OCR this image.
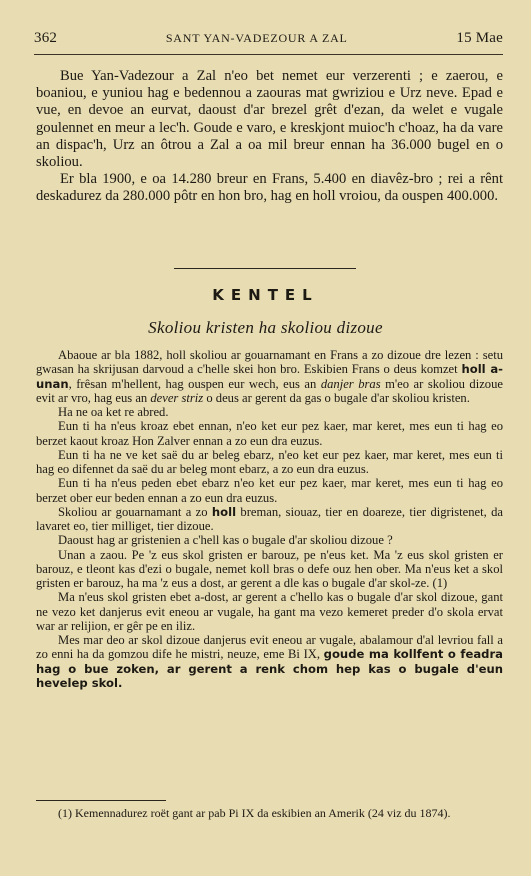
362	SANT YAN-VADEZOUR A ZAL	15 Mae

Bue Yan-Vadezour a Zal n'eo bet nemet eur verzerenti ; e zaerou, e boaniou, e yuniou hag e bedennou a zaouras mat gwriziou e Urz neve. Epad e vue, en devoe an eurvat, daoust d'ar brezel grêt d'ezan, da welet e vugale goulennet en meur a lec'h. Goude e varo, e kreskjont muioc'h c'hoaz, ha da vare an dispac'h, Urz an ôtrou a Zal a oa mil breur ennan ha 36.000 bugel en o skoliou.

Er bla 1900, e oa 14.280 breur en Frans, 5.400 en diavêz-bro ; rei a rênt deskadurez da 280.000 pôtr en hon bro, hag en holl vroiou, da ouspen 400.000.

KENTEL
Skoliou kristen ha skoliou dizoue

Abaoue ar bla 1882, holl skoliou ar gouarnamant en Frans a zo dizoue dre lezen : setu gwasan ha skrijusan darvoud a c'helle skei hon bro. Eskibien Frans o deus komzet holl a-unan, frêsan m'hellent, hag ouspen eur wech, eus an danjer bras m'eo ar skoliou dizoue evit ar vro, hag eus an dever striz o deus ar gerent da gas o bugale d'ar skoliou kristen.

Ha ne oa ket re abred.

Eun ti ha n'eus kroaz ebet ennan, n'eo ket eur pez kaer, mar keret, mes eun ti hag eo berzet kaout kroaz Hon Zalver ennan a zo eun dra euzus.

Eun ti ha ne ve ket saë du ar beleg ebarz, n'eo ket eur pez kaer, mar keret, mes eun ti hag eo difennet da saë du ar beleg mont ebarz, a zo eun dra euzus.

Eun ti ha n'eus peden ebet ebarz n'eo ket eur pez kaer, mar keret, mes eun ti hag eo berzet ober eur beden ennan a zo eun dra euzus.

Skoliou ar gouarnamant a zo holl breman, siouaz, tier en doareze, tier digristenet, da lavaret eo, tier milliget, tier dizoue.

Daoust hag ar gristenien a c'hell kas o bugale d'ar skoliou dizoue ?

Unan a zaou. Pe 'z eus skol gristen er barouz, pe n'eus ket. Ma 'z eus skol gristen er barouz, e tleont kas d'ezi o bugale, nemet koll bras o defe ouz hen ober. Ma n'eus ket a skol gristen er barouz, ha ma 'z eus a dost, ar gerent a dle kas o bugale d'ar skol-ze. (1)

Ma n'eus skol gristen ebet a-dost, ar gerent a c'hello kas o bugale d'ar skol dizoue, gant ne vezo ket danjerus evit eneou ar vugale, ha gant ma vezo kemeret preder d'o skola ervat war ar relijion, er gêr pe en iliz.

Mes mar deo ar skol dizoue danjerus evit eneou ar vugale, abalamour d'al levriou fall a zo enni ha da gomzou dife he mistri, neuze, eme Bi IX, goude ma kollfent o feadra hag o bue zoken, ar gerent a renk chom hep kas o bugale d'eun hevelep skol.

(1) Kemennadurez roët gant ar pab Pi IX da eskibien an Amerik (24 viz du 1874).
